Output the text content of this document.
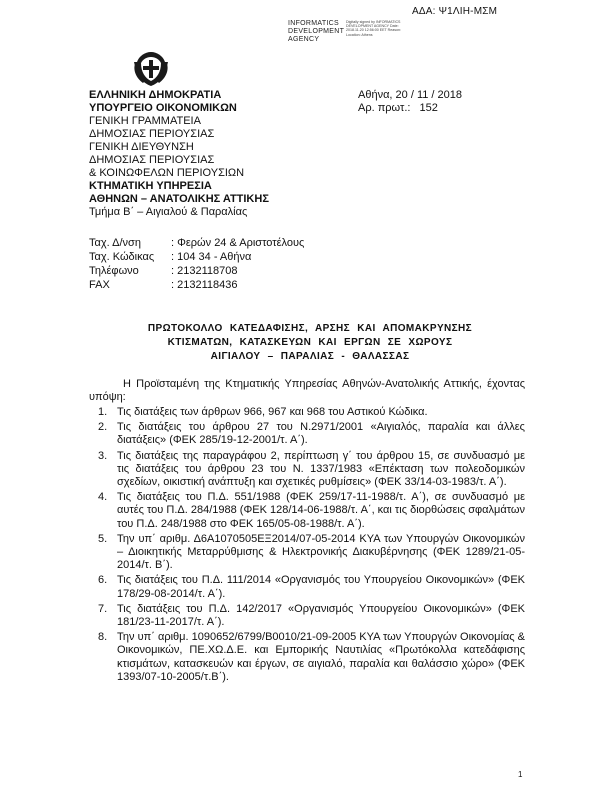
ΑΔΑ: Ψ1ΛΙΗ-ΜΣΜ
INFORMATICS
DEVELOPMENT
AGENCY
Digitally signed by INFORMATICS DEVELOPMENT AGENCY Date: 2018.11.20 12:56:00 EET Reason: Location: Athens
ΕΛΛΗΝΙΚΗ ΔΗΜΟΚΡΑΤΙΑ
ΥΠΟΥΡΓΕΙΟ ΟΙΚΟΝΟΜΙΚΩΝ
ΓΕΝΙΚΗ ΓΡΑΜΜΑΤΕΙΑ
ΔΗΜΟΣΙΑΣ ΠΕΡΙΟΥΣΙΑΣ
ΓΕΝΙΚΗ ΔΙΕΥΘΥΝΣΗ
ΔΗΜΟΣΙΑΣ ΠΕΡΙΟΥΣΙΑΣ
& ΚΟΙΝΩΦΕΛΩΝ ΠΕΡΙΟΥΣΙΩΝ
ΚΤΗΜΑΤΙΚΗ ΥΠΗΡΕΣΙΑ
ΑΘΗΝΩΝ – ΑΝΑΤΟΛΙΚΗΣ ΑΤΤΙΚΗΣ
Τμήμα Β΄ – Αιγιαλού & Παραλίας
Αθήνα, 20 / 11 / 2018
Αρ. πρωτ.: 152
Ταχ. Δ/νση	: Φερών 24 & Αριστοτέλους
Ταχ. Κώδικας : 104 34 - Αθήνα
Τηλέφωνο	: 2132118708
FAX	: 2132118436
ΠΡΩΤΟΚΟΛΛΟ ΚΑΤΕΔΑΦΙΣΗΣ, ΑΡΣΗΣ ΚΑΙ ΑΠΟΜΑΚΡΥΝΣΗΣ
ΚΤΙΣΜΑΤΩΝ, ΚΑΤΑΣΚΕΥΩΝ ΚΑΙ ΕΡΓΩΝ ΣΕ ΧΩΡΟΥΣ
ΑΙΓΙΑΛΟΥ – ΠΑΡΑΛΙΑΣ - ΘΑΛΑΣΣΑΣ
Η Προϊσταμένη της Κτηματικής Υπηρεσίας Αθηνών-Ανατολικής Αττικής, έχοντας υπόψη:
1. Τις διατάξεις των άρθρων 966, 967 και 968 του Αστικού Κώδικα.
2. Τις διατάξεις του άρθρου 27 του Ν.2971/2001 «Αιγιαλός, παραλία και άλλες διατάξεις» (ΦΕΚ 285/19-12-2001/τ. Α΄).
3. Τις διατάξεις της παραγράφου 2, περίπτωση γ΄ του άρθρου 15, σε συνδυασμό με τις διατάξεις του άρθρου 23 του Ν. 1337/1983 «Επέκταση των πολεοδομικών σχεδίων, οικιστική ανάπτυξη και σχετικές ρυθμίσεις» (ΦΕΚ 33/14-03-1983/τ. Α΄).
4. Τις διατάξεις του Π.Δ. 551/1988 (ΦΕΚ 259/17-11-1988/τ. Α΄), σε συνδυασμό με αυτές του Π.Δ. 284/1988 (ΦΕΚ 128/14-06-1988/τ. Α΄, και τις διορθώσεις σφαλμάτων του Π.Δ. 248/1988 στο ΦΕΚ 165/05-08-1988/τ. Α΄).
5. Την υπ΄ αριθμ. Δ6Α1070505ΕΞ2014/07-05-2014 ΚΥΑ των Υπουργών Οικονομικών – Διοικητικής Μεταρρύθμισης & Ηλεκτρονικής Διακυβέρνησης (ΦΕΚ 1289/21-05-2014/τ. Β΄).
6. Τις διατάξεις του Π.Δ. 111/2014 «Οργανισμός του Υπουργείου Οικονομικών» (ΦΕΚ 178/29-08-2014/τ. Α΄).
7. Τις διατάξεις του Π.Δ. 142/2017 «Οργανισμός Υπουργείου Οικονομικών» (ΦΕΚ 181/23-11-2017/τ. Α΄).
8. Την υπ΄ αριθμ. 1090652/6799/Β0010/21-09-2005 ΚΥΑ των Υπουργών Οικονομίας & Οικονομικών, ΠΕ.ΧΩ.Δ.Ε. και Εμπορικής Ναυτιλίας «Πρωτόκολλα κατεδάφισης κτισμάτων, κατασκευών και έργων, σε αιγιαλό, παραλία και θαλάσσιο χώρο» (ΦΕΚ 1393/07-10-2005/τ.Β΄).
1
